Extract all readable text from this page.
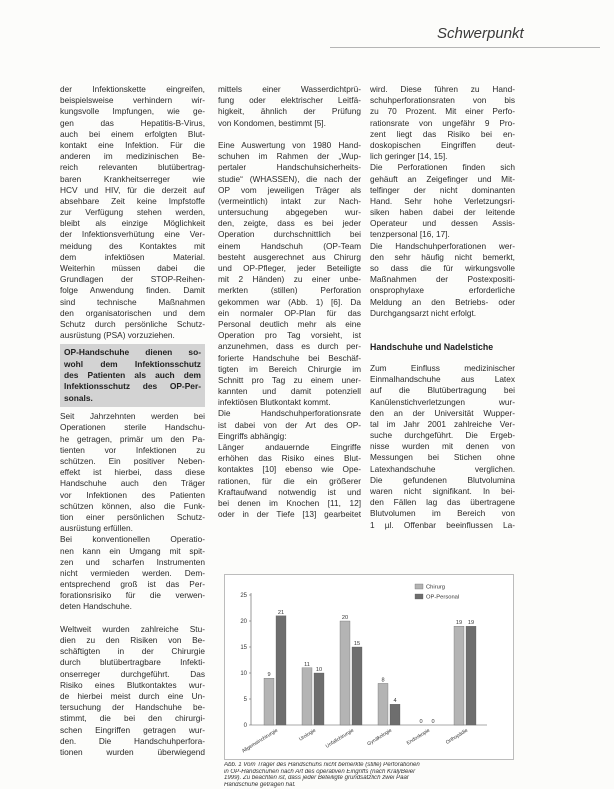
Schwerpunkt
der Infektionskette eingreifen,
beispielsweise verhindern wir-
kungsvolle Impfungen, wie ge-
gen das Hepatitis-B-Virus,
auch bei einem erfolgten Blut-
kontakt eine Infektion. Für die
anderen im medizinischen Be-
reich relevanten blutübertrag-
baren Krankheitserreger wie
HCV und HIV, für die derzeit auf
absehbare Zeit keine Impfstoffe
zur Verfügung stehen werden,
bleibt als einzige Möglichkeit
der Infektionsverhütung eine Ver-
meidung des Kontaktes mit
dem infektiösen Material.
Weiterhin müssen dabei die
Grundlagen der STOP-Reihen-
folge Anwendung finden. Damit
sind technische Maßnahmen
den organisatorischen und dem
Schutz durch persönliche Schutz-
ausrüstung (PSA) vorzuziehen.
OP-Handschuhe dienen so-
wohl dem Infektionsschutz
des Patienten als auch dem
Infektionsschutz des OP-Per-
sonals.
Seit Jahrzehnten werden bei
Operationen sterile Handschu-
he getragen, primär um den Pa-
tienten vor Infektionen zu
schützen. Ein positiver Neben-
effekt ist hierbei, dass diese
Handschuhe auch den Träger
vor Infektionen des Patienten
schützen können, also die Funk-
tion einer persönlichen Schutz-
ausrüstung erfüllen.
Bei konventionellen Operatio-
nen kann ein Umgang mit spit-
zen und scharfen Instrumenten
nicht vermieden werden. Dem-
entsprechend groß ist das Per-
forationsrisiko für die verwen-
deten Handschuhe.
Weltweit wurden zahlreiche Stu-
dien zu den Risiken von Be-
schäftigten in der Chirurgie
durch blutübertragbare Infekti-
onserreger durchgeführt. Das
Risiko eines Blutkontaktes wur-
de hierbei meist durch eine Un-
tersuchung der Handschuhe be-
stimmt, die bei den chirurgi-
schen Eingriffen getragen wur-
den. Die Handschuhperfora-
tionen wurden überwiegend
mittels einer Wasserdichtprü-
fung oder elektrischer Leitfä-
higkeit, ähnlich der Prüfung
von Kondomen, bestimmt [5].
Eine Auswertung von 1980 Hand-
schuhen im Rahmen der „Wup-
pertaler Handschuhsicherheits-
studie“ (WHASSEN), die nach der
OP vom jeweiligen Träger als
(vermeintlich) intakt zur Nach-
untersuchung abgegeben wur-
den, zeigte, dass es bei jeder
Operation durchschnittlich bei
einem Handschuh (OP-Team
besteht ausgerechnet aus Chirurg
und OP-Pfleger, jeder Beteiligte
mit 2 Händen) zu einer unbe-
merkten (stillen) Perforation
gekommen war (Abb. 1) [6]. Da
ein normaler OP-Plan für das
Personal deutlich mehr als eine
Operation pro Tag vorsieht, ist
anzunehmen, dass es durch per-
forierte Handschuhe bei Beschäf-
tigten im Bereich Chirurgie im
Schnitt pro Tag zu einem uner-
kannten und damit potenziell
infektiösen Blutkontakt kommt.
Die Handschuhperforationsrate
ist dabei von der Art des OP-
Eingriffs abhängig:
Länger andauernde Eingriffe
erhöhen das Risiko eines Blut-
kontaktes [10] ebenso wie Ope-
rationen, für die ein größerer
Kraftaufwand notwendig ist und
bei denen im Knochen [11, 12]
oder in der Tiefe [13] gearbeitet
wird. Diese führen zu Hand-
schuhperforationsraten von bis
zu 70 Prozent. Mit einer Perfo-
rationsrate von ungefähr 9 Pro-
zent liegt das Risiko bei en-
doskopischen Eingriffen deut-
lich geringer [14, 15].
Die Perforationen finden sich
gehäuft an Zeigefinger und Mit-
telfinger der nicht dominanten
Hand. Sehr hohe Verletzungsri-
siken haben dabei der leitende
Operateur und dessen Assis-
tenzpersonal [16, 17].
Die Handschuhperforationen wer-
den sehr häufig nicht bemerkt,
so dass die für wirkungsvolle
Maßnahmen der Postexpositi-
onsprophylaxe erforderliche
Meldung an den Betriebs- oder
Durchgangsarzt nicht erfolgt.
Handschuhe und Nadelstiche
Zum Einfluss medizinischer
Einmalhandschuhe aus Latex
auf die Blutübertragung bei
Kanülenstichverletzungen wur-
den an der Universität Wupper-
tal im Jahr 2001 zahlreiche Ver-
suche durchgeführt. Die Ergeb-
nisse wurden mit denen von
Messungen bei Stichen ohne
Latexhandschuhe verglichen.
Die gefundenen Blutvolumina
waren nicht signifikant. In bei-
den Fällen lag das übertragene
Blutvolumen im Bereich von
1 µl. Offenbar beeinflussen La-
0
5
10
15
20
25
9
21
Allgemeinchirurgie
11
10
Urologie
20
15
Unfallchirurgie
8
4
Gynäkologie
0 0
Endoskopie
19 19
Orthopädie
Chirurg
OP-Personal
Abb. 1 Vom Träger des Handschuhs nicht bemerkte (stille) Perforationen
in OP-Handschuhen nach Art des operativen Eingriffs (nach Kralj/Beier
1999). Zu beachten ist, dass jeder Beteiligte grundsätzlich zwei Paar
Handschuhe getragen hat.
